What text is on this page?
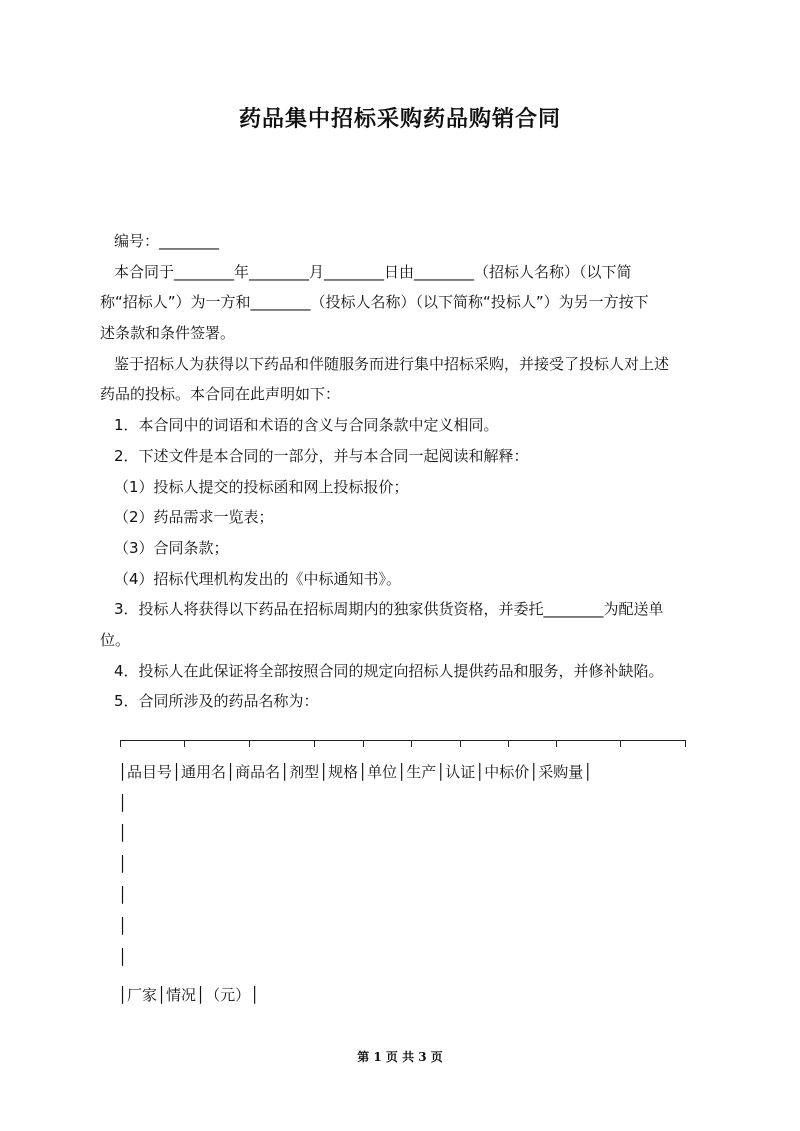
药品集中招标采购药品购销合同
编号：________
本合同于________年________月________日由________（招标人名称）（以下简
称“招标人”）为一方和________（投标人名称）（以下简称“投标人”）为另一方按下
述条款和条件签署。
鉴于招标人为获得以下药品和伴随服务而进行集中招标采购，并接受了投标人对上述
药品的投标。本合同在此声明如下：
1．本合同中的词语和术语的含义与合同条款中定义相同。
2．下述文件是本合同的一部分，并与本合同一起阅读和解释：
（1）投标人提交的投标函和网上投标报价；
（2）药品需求一览表；
（3）合同条款；
（4）招标代理机构发出的《中标通知书》。
3．投标人将获得以下药品在招标周期内的独家供货资格，并委托________为配送单
位。
4．投标人在此保证将全部按照合同的规定向招标人提供药品和服务，并修补缺陷。
5．合同所涉及的药品名称为：
│品目号│通用名│商品名│剂型│规格│单位│生产│认证│中标价│采购量│
│
│
│
│
│
│
│厂家│情况│（元）│
第 1 页 共 3 页
